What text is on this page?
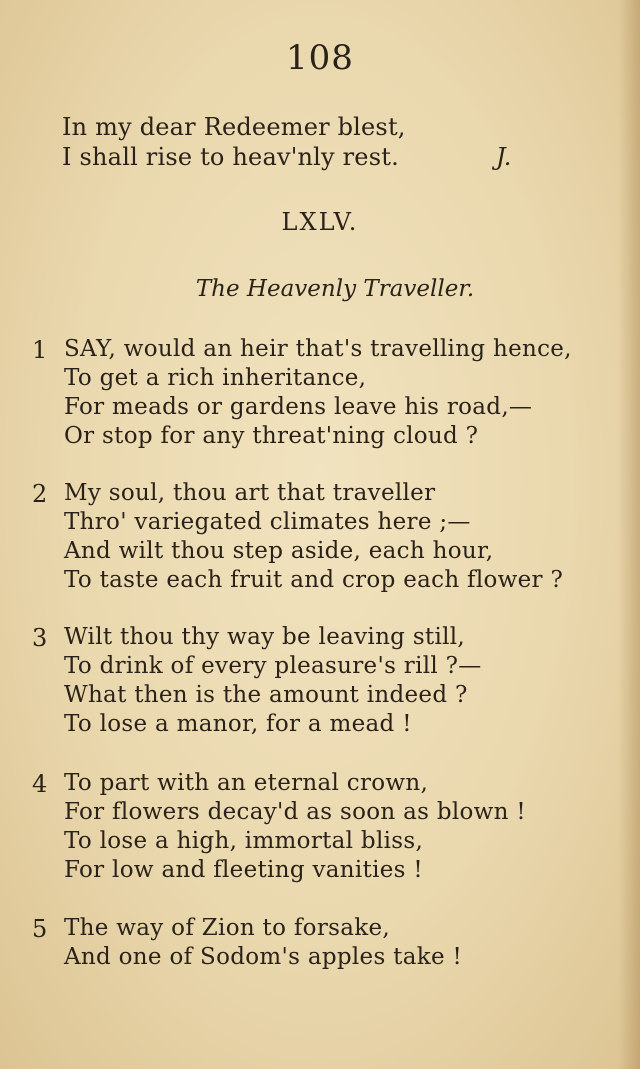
108
In my dear Redeemer blest,
I shall rise to heav'nly rest.	J.
LXLV.
The Heavenly Traveller.
1 SAY, would an heir that's travelling hence,
To get a rich inheritance,
For meads or gardens leave his road,—
Or stop for any threat'ning cloud ?
2 My soul, thou art that traveller
Thro' variegated climates here ;—
And wilt thou step aside, each hour,
To taste each fruit and crop each flower ?
3 Wilt thou thy way be leaving still,
To drink of every pleasure's rill ?—
What then is the amount indeed ?
To lose a manor, for a mead !
4 To part with an eternal crown,
For flowers decay'd as soon as blown !
To lose a high, immortal bliss,
For low and fleeting vanities !
5 The way of Zion to forsake,
And one of Sodom's apples take !
